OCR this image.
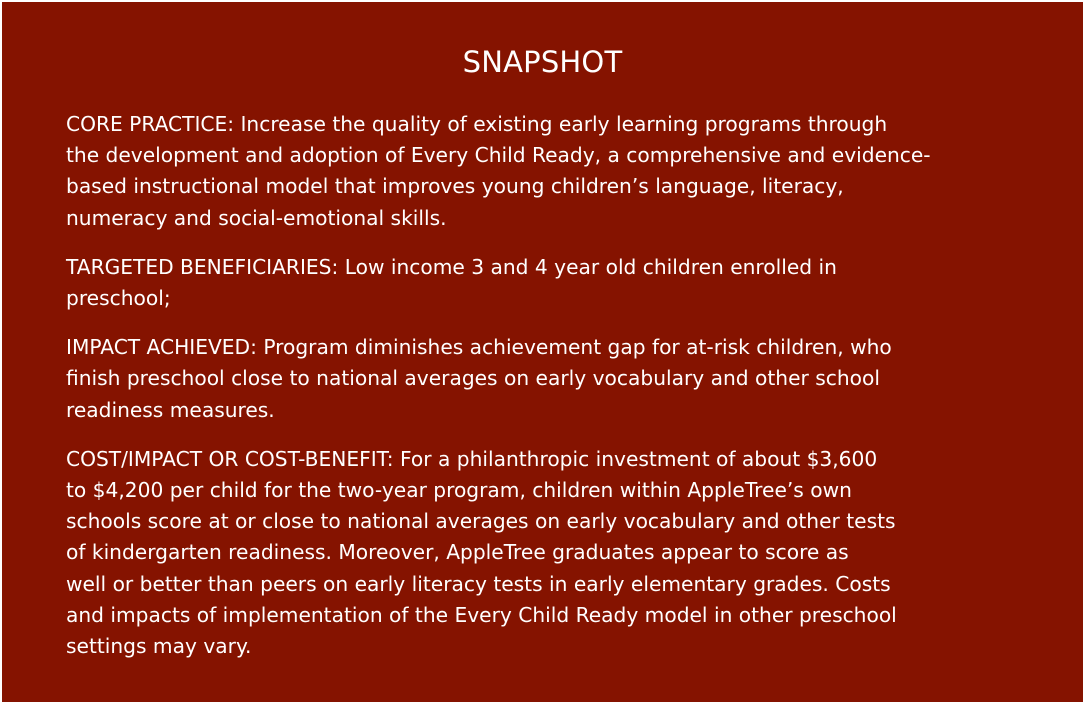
SNAPSHOT

CORE PRACTICE: Increase the quality of existing early learning programs through
the development and adoption of Every Child Ready, a comprehensive and evidence-
based instructional model that improves young children’s language, literacy,
numeracy and social-emotional skills.

TARGETED BENEFICIARIES: Low income 3 and 4 year old children enrolled in
preschool;

IMPACT ACHIEVED: Program diminishes achievement gap for at-risk children, who
finish preschool close to national averages on early vocabulary and other school
readiness measures.

COST/IMPACT OR COST-BENEFIT: For a philanthropic investment of about $3,600
to $4,200 per child for the two-year program, children within AppleTree’s own
schools score at or close to national averages on early vocabulary and other tests
of kindergarten readiness. Moreover, AppleTree graduates appear to score as
well or better than peers on early literacy tests in early elementary grades. Costs
and impacts of implementation of the Every Child Ready model in other preschool
settings may vary.
